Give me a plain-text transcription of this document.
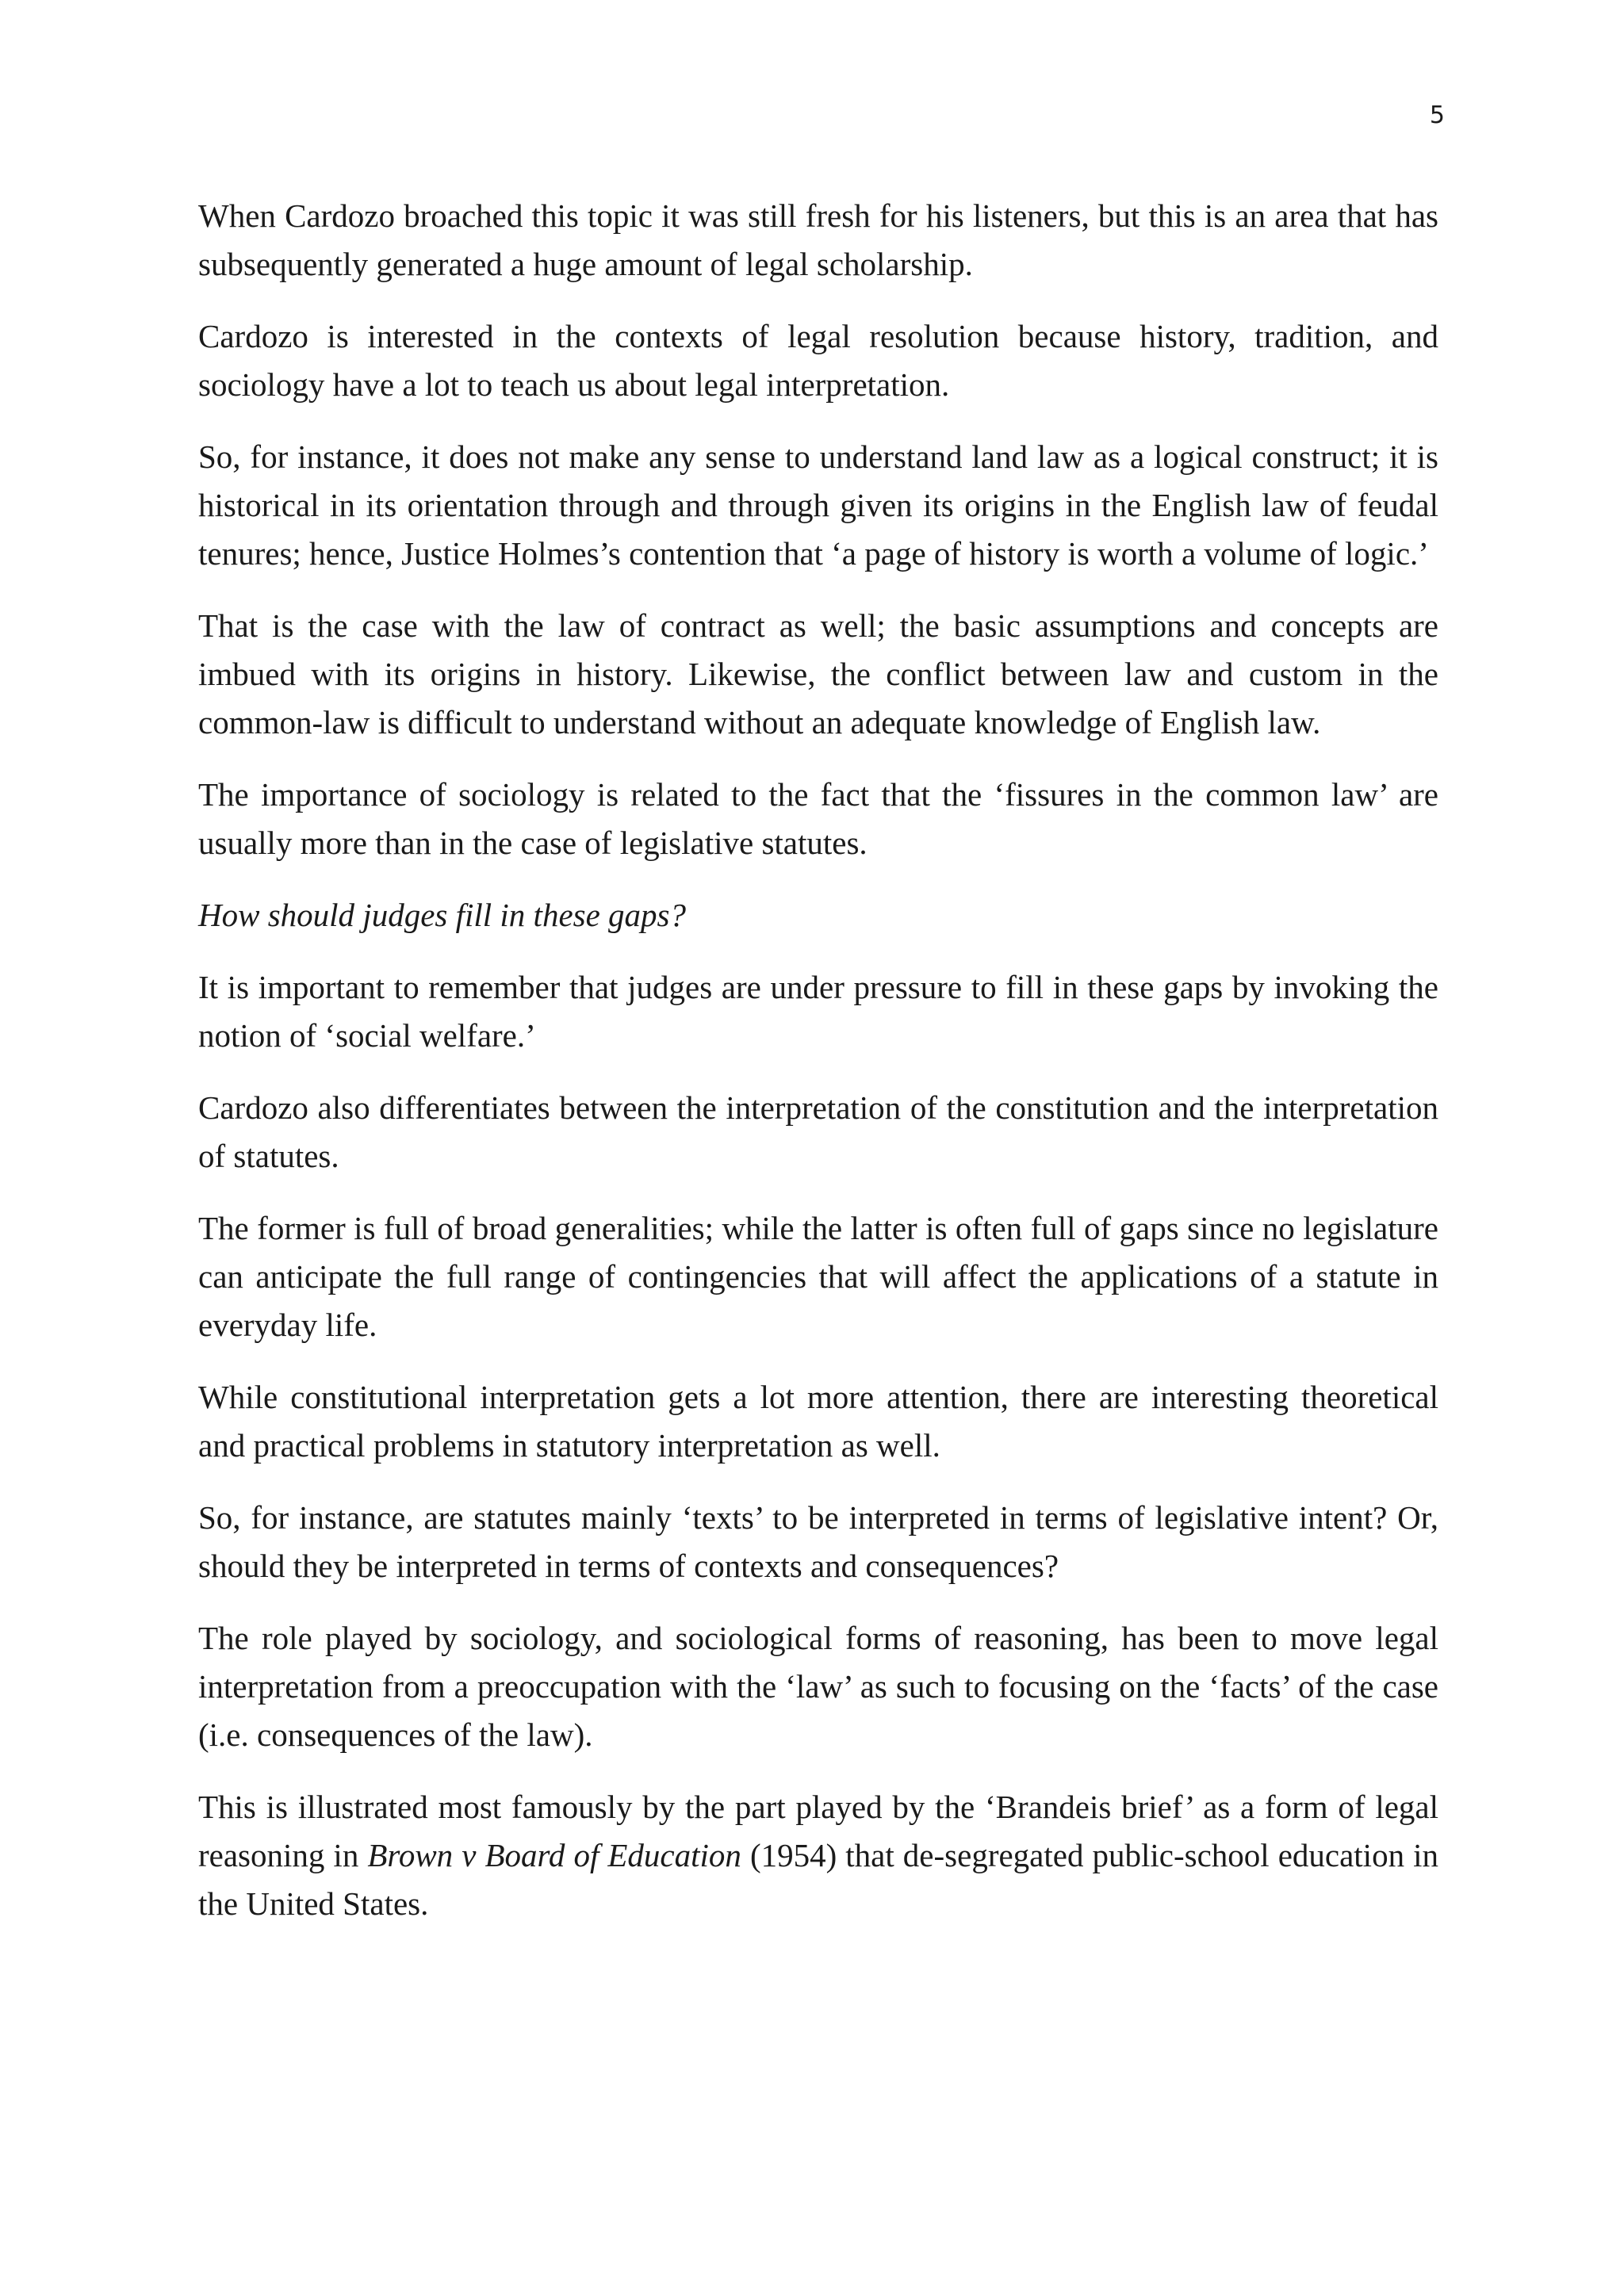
5

When Cardozo broached this topic it was still fresh for his listeners, but this is an area that has subsequently generated a huge amount of legal scholarship.

Cardozo is interested in the contexts of legal resolution because history, tradition, and sociology have a lot to teach us about legal interpretation.

So, for instance, it does not make any sense to understand land law as a logical construct; it is historical in its orientation through and through given its origins in the English law of feudal tenures; hence, Justice Holmes’s contention that ‘a page of history is worth a volume of logic.’

That is the case with the law of contract as well; the basic assumptions and concepts are imbued with its origins in history. Likewise, the conflict between law and custom in the common-law is difficult to understand without an adequate knowledge of English law.

The importance of sociology is related to the fact that the ‘fissures in the common law’ are usually more than in the case of legislative statutes.

How should judges fill in these gaps?

It is important to remember that judges are under pressure to fill in these gaps by invoking the notion of ‘social welfare.’

Cardozo also differentiates between the interpretation of the constitution and the interpretation of statutes.

The former is full of broad generalities; while the latter is often full of gaps since no legislature can anticipate the full range of contingencies that will affect the applications of a statute in everyday life.

While constitutional interpretation gets a lot more attention, there are interesting theoretical and practical problems in statutory interpretation as well.

So, for instance, are statutes mainly ‘texts’ to be interpreted in terms of legislative intent? Or, should they be interpreted in terms of contexts and consequences?

The role played by sociology, and sociological forms of reasoning, has been to move legal interpretation from a preoccupation with the ‘law’ as such to focusing on the ‘facts’ of the case (i.e. consequences of the law).

This is illustrated most famously by the part played by the ‘Brandeis brief’ as a form of legal reasoning in Brown v Board of Education (1954) that de-segregated public-school education in the United States.
